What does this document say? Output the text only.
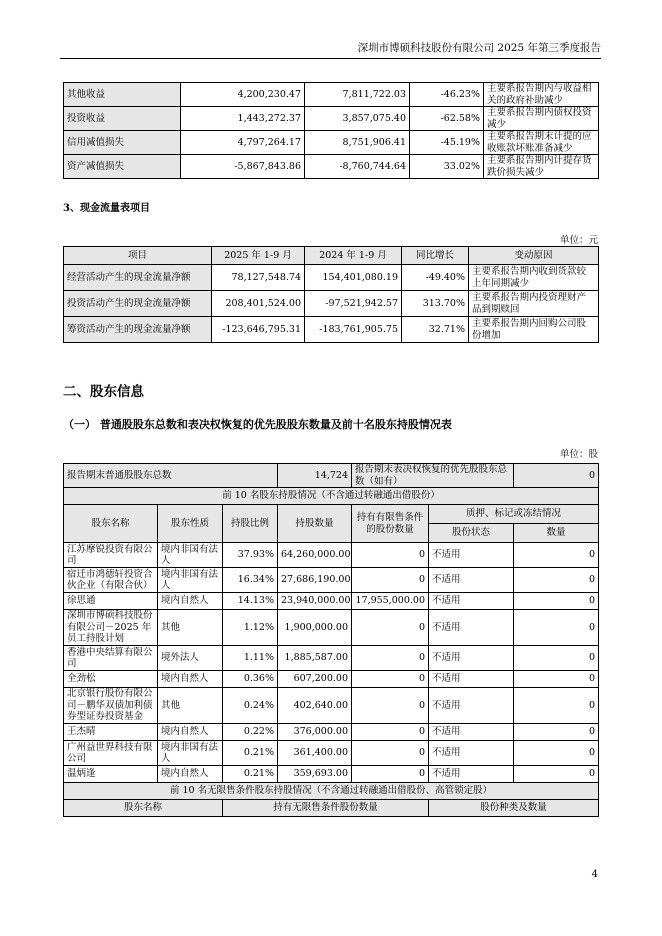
深圳市博硕科技股份有限公司 2025 年第三季度报告
其他收益	4,200,230.47	7,811,722.03	-46.23%	主要系报告期内与收益相关的政府补助减少
投资收益	1,443,272.37	3,857,075.40	-62.58%	主要系报告期内债权投资减少
信用减值损失	4,797,264.17	8,751,906.41	-45.19%	主要系报告期末计提的应收账款坏账准备减少
资产减值损失	-5,867,843.86	-8,760,744.64	33.02%	主要系报告期内计提存货跌价损失减少
3、现金流量表项目
单位：元
项目	2025 年 1-9 月	2024 年 1-9 月	同比增长	变动原因
经营活动产生的现金流量净额	78,127,548.74	154,401,080.19	-49.40%	主要系报告期内收到货款较上年同期减少
投资活动产生的现金流量净额	208,401,524.00	-97,521,942.57	313.70%	主要系报告期内投资理财产品到期赎回
筹资活动产生的现金流量净额	-123,646,795.31	-183,761,905.75	32.71%	主要系报告期内回购公司股份增加
二、股东信息
（一） 普通股股东总数和表决权恢复的优先股股东数量及前十名股东持股情况表
单位：股
报告期末普通股股东总数			14,724	报告期末表决权恢复的优先股股东总数（如有）		0
前 10 名股东持股情况（不含通过转融通出借股份）						
股东名称	股东性质	持股比例	持股数量	持有有限售条件的股份数量	质押、标记或冻结情况	
					股份状态	数量
江苏摩锐投资有限公司	境内非国有法人	37.93%	64,260,000.00	0	不适用	0
宿迁市鸿德轩投资合伙企业（有限合伙）	境内非国有法人	16.34%	27,686,190.00	0	不适用	0
徐思通	境内自然人	14.13%	23,940,000.00	17,955,000.00	不适用	0
深圳市博硕科技股份有限公司－2025 年员工持股计划	其他	1.12%	1,900,000.00	0	不适用	0
香港中央结算有限公司	境外法人	1.11%	1,885,587.00	0	不适用	0
全劲松	境内自然人	0.36%	607,200.00	0	不适用	0
北京银行股份有限公司－鹏华双债加利债券型证券投资基金	其他	0.24%	402,640.00	0	不适用	0
王杰晴	境内自然人	0.22%	376,000.00	0	不适用	0
广州益世界科技有限公司	境内非国有法人	0.21%	361,400.00	0	不适用	0
温炳逢	境内自然人	0.21%	359,693.00	0	不适用	0
前 10 名无限售条件股东持股情况（不含通过转融通出借股份、高管锁定股）						
股东名称		持有无限售条件股份数量			股份种类及数量	
4
